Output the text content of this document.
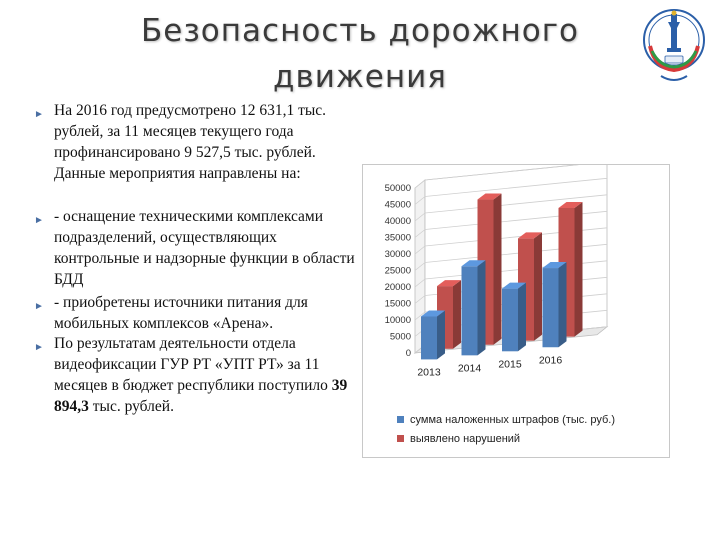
Безопасность дорожного
движения
► На 2016 год предусмотрено 12 631,1 тыс. рублей, за 11 месяцев текущего года профинансировано 9 527,5 тыс. рублей. Данные мероприятия направлены на:
► - оснащение техническими комплексами подразделений, осуществляющих контрольные и надзорные функции в области БДД
► - приобретены источники питания для мобильных комплексов «Арена».
► По результатам деятельности отдела видеофиксации ГУР РТ «УПТ РТ» за 11 месяцев в бюджет республики поступило 39 894,3 тыс. рублей.
0
5000
10000
15000
20000
25000
30000
35000
40000
45000
50000
2013 2014 2015 2016
сумма наложенных штрафов (тыс. руб.)
выявлено нарушений
